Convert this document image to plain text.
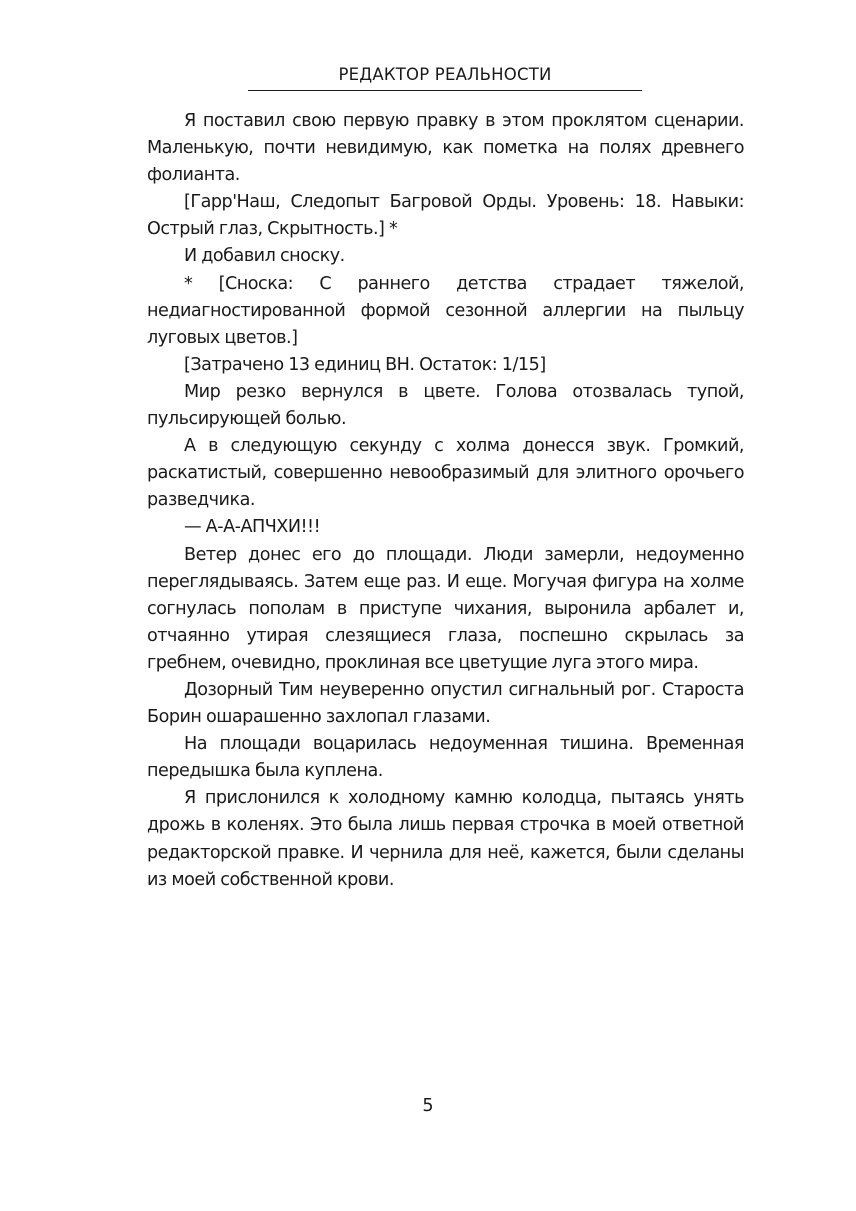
РЕДАКТОР РЕАЛЬНОСТИ

Я поставил свою первую правку в этом проклятом сценарии. Маленькую, почти невидимую, как пометка на полях древнего фолианта.

[Гарр'Наш, Следопыт Багровой Орды. Уровень: 18. Навыки: Острый глаз, Скрытность.] *

И добавил сноску.

* [Сноска: С раннего детства страдает тяжелой, недиагностированной формой сезонной аллергии на пыльцу луговых цветов.]

[Затрачено 13 единиц ВН. Остаток: 1/15]

Мир резко вернулся в цвете. Голова отозвалась тупой, пульсирующей болью.

А в следующую секунду с холма донесся звук. Громкий, раскатистый, совершенно невообразимый для элитного орочьего разведчика.

— А-А-АПЧХИ!!!

Ветер донес его до площади. Люди замерли, недоуменно переглядываясь. Затем еще раз. И еще. Могучая фигура на холме согнулась пополам в приступе чихания, выронила арбалет и, отчаянно утирая слезящиеся глаза, поспешно скрылась за гребнем, очевидно, проклиная все цветущие луга этого мира.

Дозорный Тим неуверенно опустил сигнальный рог. Староста Борин ошарашенно захлопал глазами.

На площади воцарилась недоуменная тишина. Временная передышка была куплена.

Я прислонился к холодному камню колодца, пытаясь унять дрожь в коленях. Это была лишь первая строчка в моей ответной редакторской правке. И чернила для неё, кажется, были сделаны из моей собственной крови.

5
